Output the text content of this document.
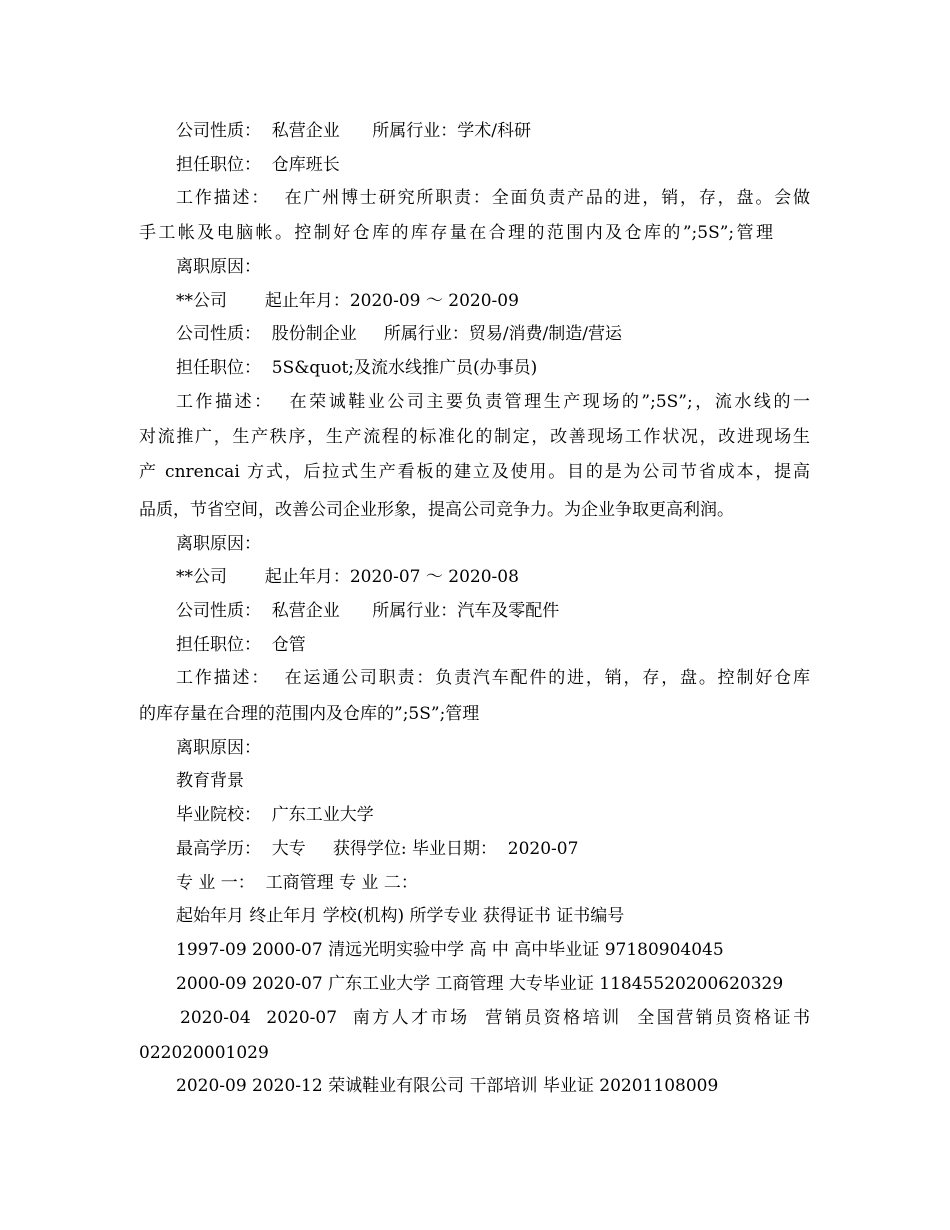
公司性质：  私营企业      所属行业：学术/科研
担任职位：  仓库班长
工作描述：  在广州博士研究所职责：全面负责产品的进，销，存，盘。会做
手工帐及电脑帐。控制好仓库的库存量在合理的范围内及仓库的”;5S”;管理
离职原因：
**公司       起止年月：2020-09 ～ 2020-09
公司性质：  股份制企业     所属行业：贸易/消费/制造/营运
担任职位：  5S&quot;及流水线推广员(办事员)
工作描述：  在荣诚鞋业公司主要负责管理生产现场的”;5S”;，流水线的一
对流推广，生产秩序，生产流程的标准化的制定，改善现场工作状况，改进现场生
产 cnrencai 方式，后拉式生产看板的建立及使用。目的是为公司节省成本，提高
品质，节省空间，改善公司企业形象，提高公司竞争力。为企业争取更高利润。
离职原因：
**公司       起止年月：2020-07 ～ 2020-08
公司性质：  私营企业      所属行业：汽车及零配件
担任职位：  仓管
工作描述：  在运通公司职责：负责汽车配件的进，销，存，盘。控制好仓库
的库存量在合理的范围内及仓库的”;5S”;管理
离职原因：
教育背景
毕业院校：  广东工业大学
最高学历：  大专     获得学位: 毕业日期：  2020-07
专 业 一：  工商管理 专 业 二：
起始年月 终止年月 学校(机构) 所学专业 获得证书 证书编号
1997-09 2000-07 清远光明实验中学 高 中 高中毕业证 97180904045
2000-09 2020-07 广东工业大学 工商管理 大专毕业证 11845520200620329
2020-04  2020-07  南方人才市场  营销员资格培训  全国营销员资格证书
022020001029
2020-09 2020-12 荣诚鞋业有限公司 干部培训 毕业证 20201108009
